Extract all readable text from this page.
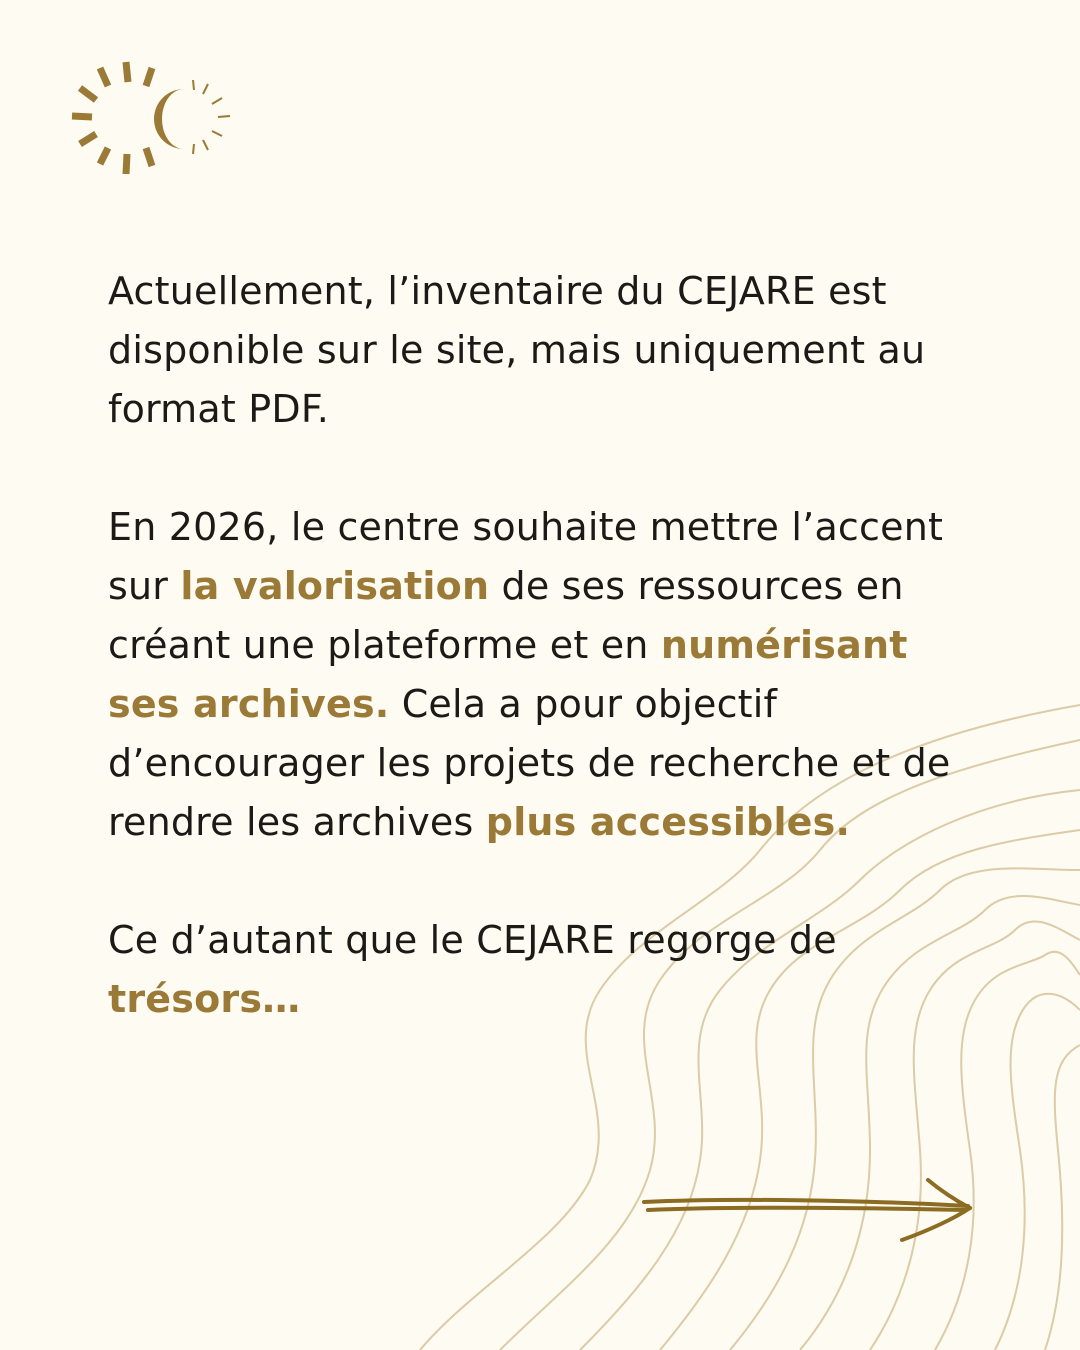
Actuellement, l’inventaire du CEJARE est disponible sur le site, mais uniquement au format PDF.

En 2026, le centre souhaite mettre l’accent sur la valorisation de ses ressources en créant une plateforme et en numérisant ses archives. Cela a pour objectif d’encourager les projets de recherche et de rendre les archives plus accessibles.

Ce d’autant que le CEJARE regorge de trésors…
